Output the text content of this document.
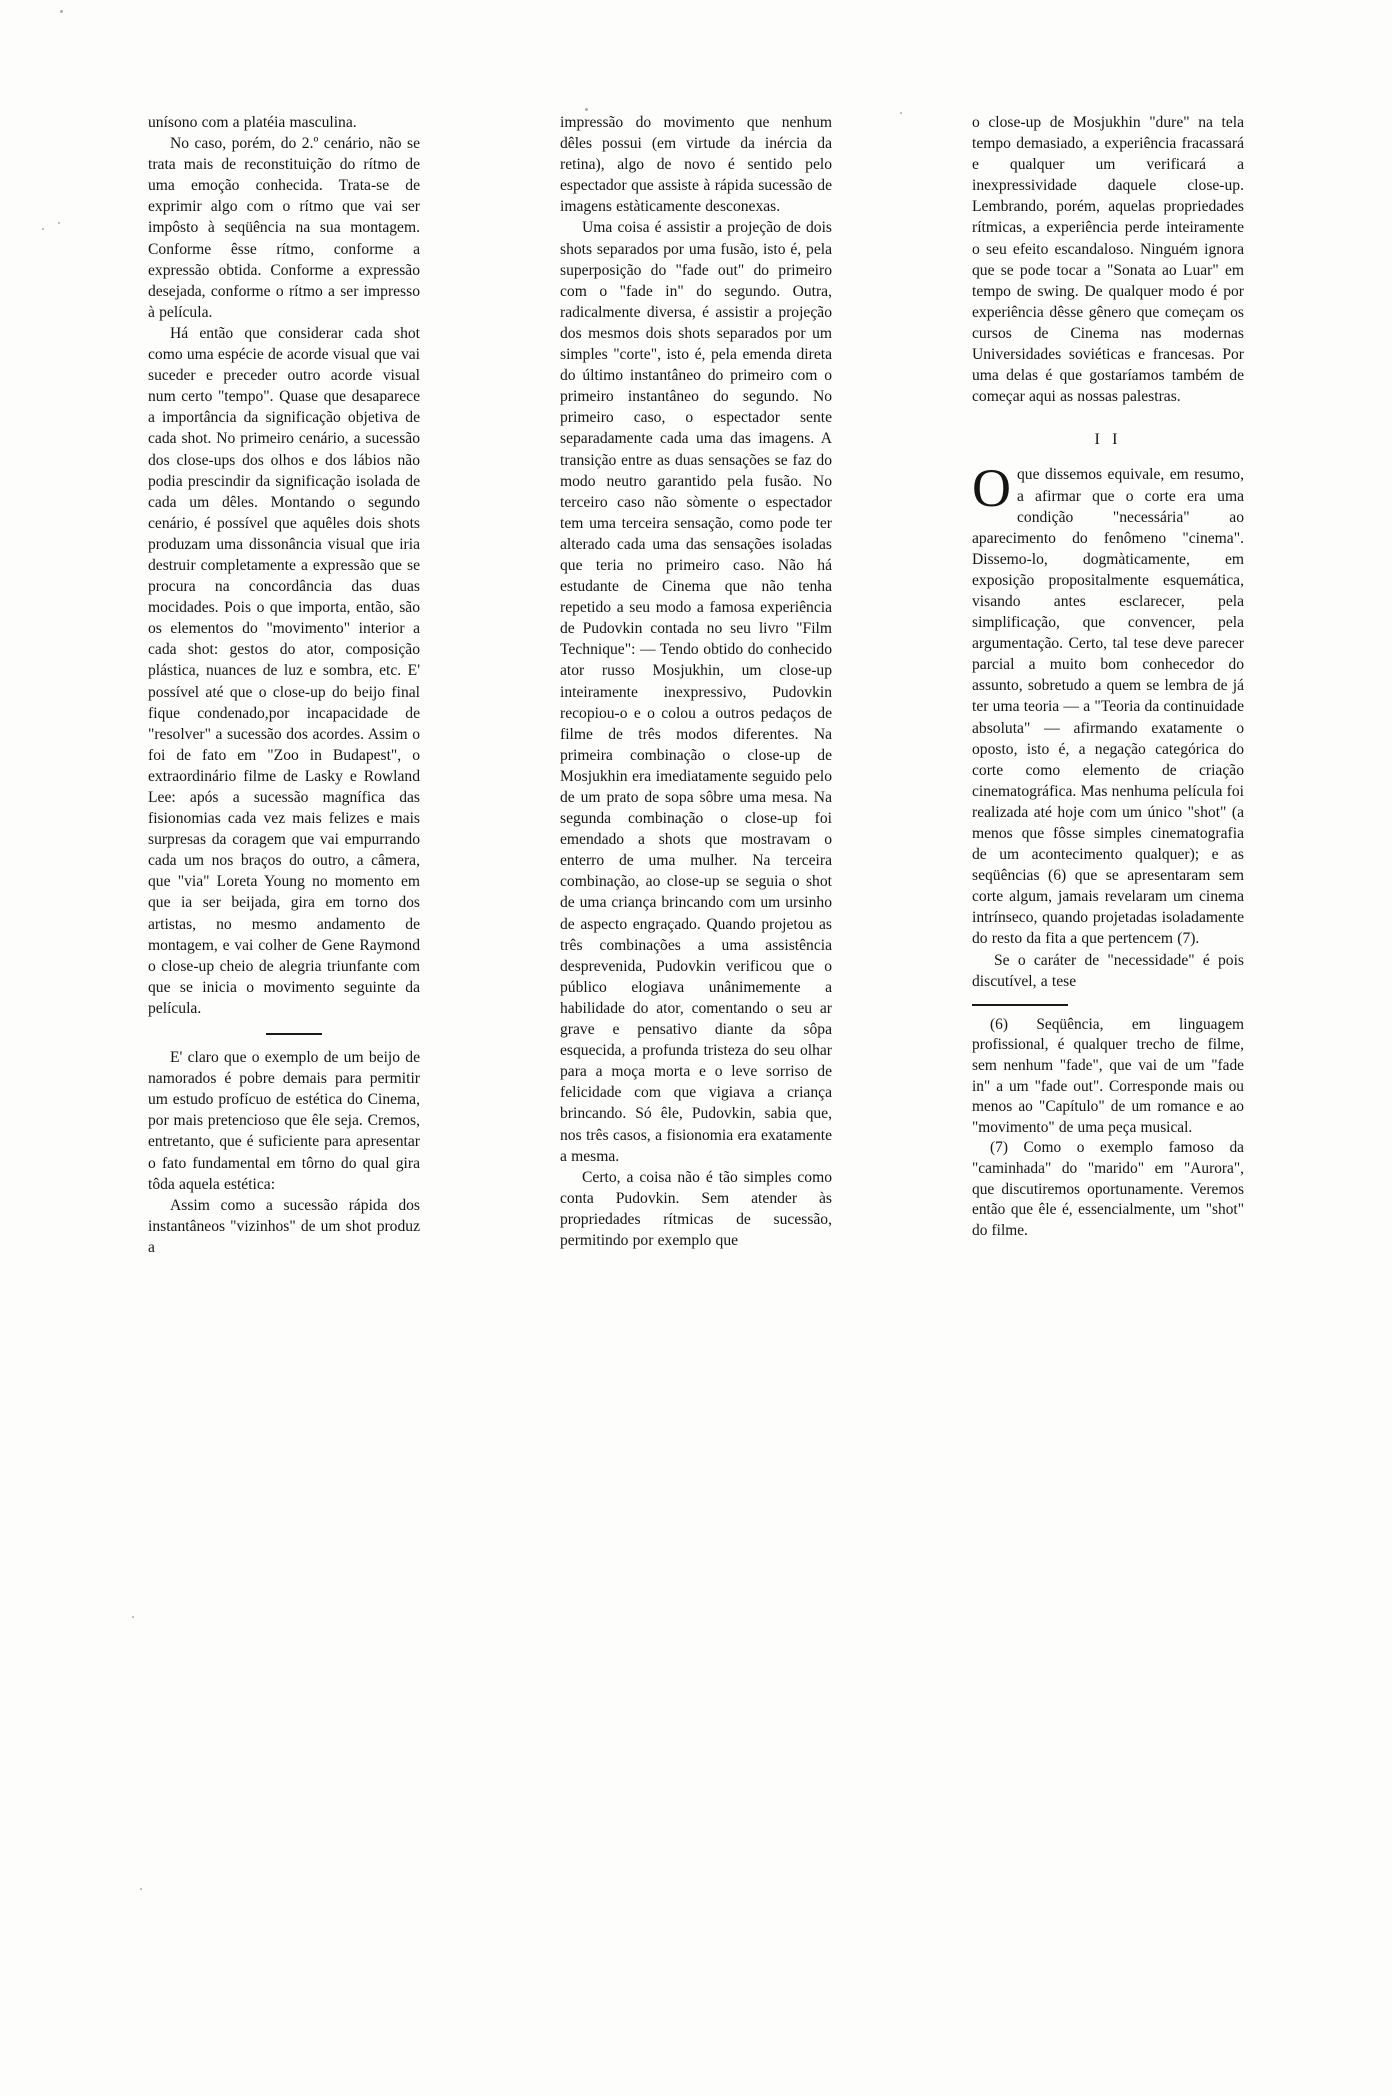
unísono com a platéia masculina.

No caso, porém, do 2.º cenário, não se trata mais de reconstituição do rítmo de uma emoção conhecida. Trata-se de exprimir algo com o rítmo que vai ser impôsto à seqüência na sua montagem. Conforme êsse rítmo, conforme a expressão obtida. Conforme a expressão desejada, conforme o rítmo a ser impresso à película.

Há então que considerar cada shot como uma espécie de acorde visual que vai suceder e preceder outro acorde visual num certo "tempo". Quase que desaparece a importância da significação objetiva de cada shot. No primeiro cenário, a sucessão dos close-ups dos olhos e dos lábios não podia prescindir da significação isolada de cada um dêles. Montando o segundo cenário, é possível que aquêles dois shots produzam uma dissonância visual que iria destruir completamente a expressão que se procura na concordância das duas mocidades. Pois o que importa, então, são os elementos do "movimento" interior a cada shot: gestos do ator, composição plástica, nuances de luz e sombra, etc. E' possível até que o close-up do beijo final fique condenado,por incapacidade de "resolver" a sucessão dos acordes. Assim o foi de fato em "Zoo in Budapest", o extraordinário filme de Lasky e Rowland Lee: após a sucessão magnífica das fisionomias cada vez mais felizes e mais surpresas da coragem que vai empurrando cada um nos braços do outro, a câmera, que "via" Loreta Young no momento em que ia ser beijada, gira em torno dos artistas, no mesmo andamento de montagem, e vai colher de Gene Raymond o close-up cheio de alegria triunfante com que se inicia o movimento seguinte da película.

E' claro que o exemplo de um beijo de namorados é pobre demais para permitir um estudo profícuo de estética do Cinema, por mais pretencioso que êle seja. Cremos, entretanto, que é suficiente para apresentar o fato fundamental em tôrno do qual gira tôda aquela estética:

Assim como a sucessão rápida dos instantâneos "vizinhos" de um shot produz a

impressão do movimento que nenhum dêles possui (em virtude da inércia da retina), algo de novo é sentido pelo espectador que assiste à rápida sucessão de imagens estàticamente desconexas.

Uma coisa é assistir a projeção de dois shots separados por uma fusão, isto é, pela superposição do "fade out" do primeiro com o "fade in" do segundo. Outra, radicalmente diversa, é assistir a projeção dos mesmos dois shots separados por um simples "corte", isto é, pela emenda direta do último instantâneo do primeiro com o primeiro instantâneo do segundo. No primeiro caso, o espectador sente separadamente cada uma das imagens. A transição entre as duas sensações se faz do modo neutro garantido pela fusão. No terceiro caso não sòmente o espectador tem uma terceira sensação, como pode ter alterado cada uma das sensações isoladas que teria no primeiro caso. Não há estudante de Cinema que não tenha repetido a seu modo a famosa experiência de Pudovkin contada no seu livro "Film Technique": — Tendo obtido do conhecido ator russo Mosjukhin, um close-up inteiramente inexpressivo, Pudovkin recopiou-o e o colou a outros pedaços de filme de três modos diferentes. Na primeira combinação o close-up de Mosjukhin era imediatamente seguido pelo de um prato de sopa sôbre uma mesa. Na segunda combinação o close-up foi emendado a shots que mostravam o enterro de uma mulher. Na terceira combinação, ao close-up se seguia o shot de uma criança brincando com um ursinho de aspecto engraçado. Quando projetou as três combinações a uma assistência desprevenida, Pudovkin verificou que o público elogiava unânimemente a habilidade do ator, comentando o seu ar grave e pensativo diante da sôpa esquecida, a profunda tristeza do seu olhar para a moça morta e o leve sorriso de felicidade com que vigiava a criança brincando. Só êle, Pudovkin, sabia que, nos três casos, a fisionomia era exatamente a mesma.

Certo, a coisa não é tão simples como conta Pudovkin. Sem atender às propriedades rítmicas de sucessão, permitindo por exemplo que

o close-up de Mosjukhin "dure" na tela tempo demasiado, a experiência fracassará e qualquer um verificará a inexpressividade daquele close-up. Lembrando, porém, aquelas propriedades rítmicas, a experiência perde inteiramente o seu efeito escandaloso. Ninguém ignora que se pode tocar a "Sonata ao Luar" em tempo de swing. De qualquer modo é por experiência dêsse gênero que começam os cursos de Cinema nas modernas Universidades soviéticas e francesas. Por uma delas é que gostaríamos também de começar aqui as nossas palestras.

I I

Oque dissemos equivale, em resumo, a afirmar que o corte era uma condição "necessária" ao aparecimento do fenômeno "cinema". Dissemo-lo, dogmàticamente, em exposição propositalmente esquemática, visando antes esclarecer, pela simplificação, que convencer, pela argumentação. Certo, tal tese deve parecer parcial a muito bom conhecedor do assunto, sobretudo a quem se lembra de já ter uma teoria — a "Teoria da continuidade absoluta" — afirmando exatamente o oposto, isto é, a negação categórica do corte como elemento de criação cinematográfica. Mas nenhuma película foi realizada até hoje com um único "shot" (a menos que fôsse simples cinematografia de um acontecimento qualquer); e as seqüências (6) que se apresentaram sem corte algum, jamais revelaram um cinema intrínseco, quando projetadas isoladamente do resto da fita a que pertencem (7).

Se o caráter de "necessidade" é pois discutível, a tese

(6) Seqüência, em linguagem profissional, é qualquer trecho de filme, sem nenhum "fade", que vai de um "fade in" a um "fade out". Corresponde mais ou menos ao "Capítulo" de um romance e ao "movimento" de uma peça musical.

(7) Como o exemplo famoso da "caminhada" do "marido" em "Aurora", que discutiremos oportunamente. Veremos então que êle é, essencialmente, um "shot" do filme.
